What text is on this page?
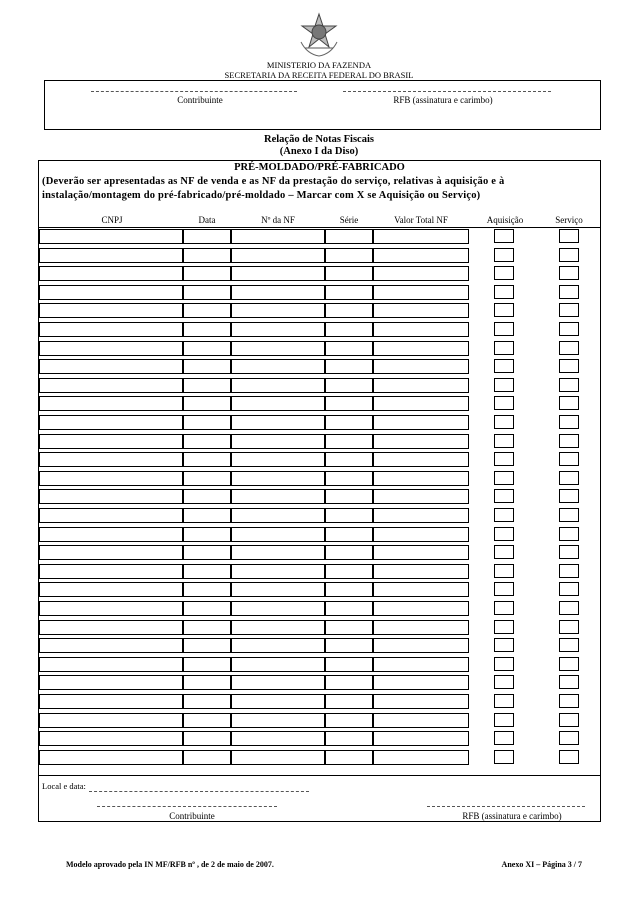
MINISTERIO DA FAZENDA
SECRETARIA DA RECEITA FEDERAL DO BRASIL
Contribuinte	RFB (assinatura e carimbo)
Relação de Notas Fiscais
(Anexo I da Diso)
PRÉ-MOLDADO/PRÉ-FABRICADO
(Deverão ser apresentadas as NF de venda e as NF da prestação do serviço, relativas à aquisição e à instalação/montagem do pré-fabricado/pré-moldado – Marcar com X se Aquisição ou Serviço)
CNPJ	Data	Nº da NF	Série	Valor Total NF	Aquisição	Serviço
Local e data:
Contribuinte	RFB (assinatura e carimbo)
Modelo aprovado pela IN MF/RFB nº , de 2 de maio de 2007.	Anexo XI – Página 3 / 7
